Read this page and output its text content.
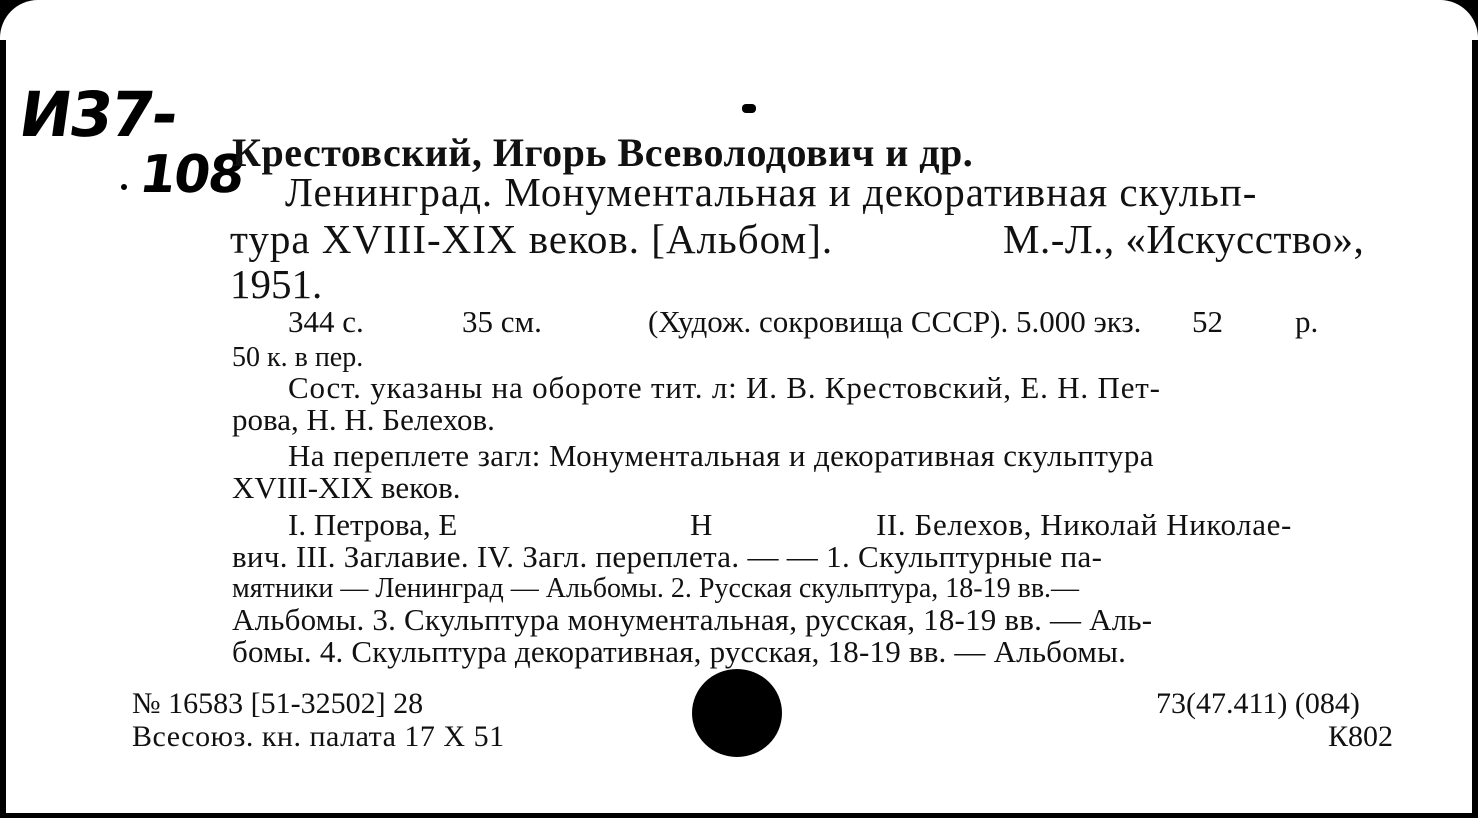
И37-
108
Крестовский, Игорь Всеволодович и др.
Ленинград. Монументальная и декоративная скульп-
тура XVIII-XIX веков. [Альбом].	М.-Л., «Искусство»,
1951.
344 с.	35 см.	(Худож. сокровища СССР). 5.000 экз. 52 р.
50 к. в пер.
Сост. указаны на обороте тит. л: И. В. Крестовский, Е. Н. Пет-
рова, Н. Н. Белехов.
На переплете загл: Монументальная и декоративная скульптура
XVIII-XIX веков.
I. Петрова, Е	Н	II. Белехов, Николай Николае-
вич. III. Заглавие. IV. Загл. переплета. — — 1. Скульптурные па-
мятники — Ленинград — Альбомы. 2. Русская скульптура, 18-19 вв.—
Альбомы. 3. Скульптура монументальная, русская, 18-19 вв. — Аль-
бомы. 4. Скульптура декоративная, русская, 18-19 вв. — Альбомы.
№ 16583 [51-32502] 28
Всесоюз. кн. палата 17 X 51
73(47.411) (084)
К802
